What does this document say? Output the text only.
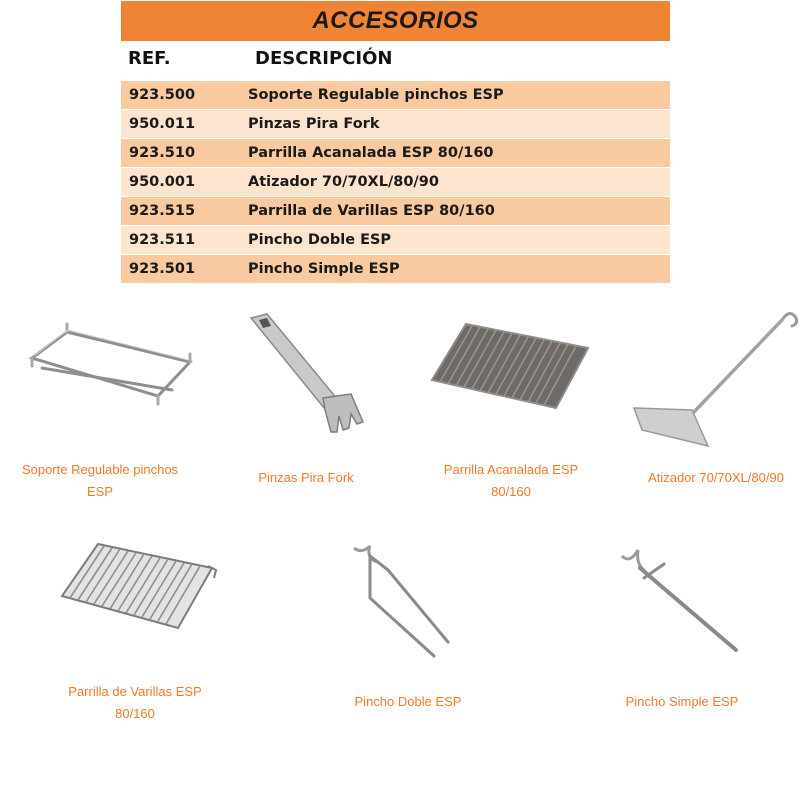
ACCESORIOS
REF.	DESCRIPCIÓN
923.500	Soporte Regulable pinchos ESP
950.011	Pinzas Pira Fork
923.510	Parrilla Acanalada ESP 80/160
950.001	Atizador 70/70XL/80/90
923.515	Parrilla de Varillas ESP 80/160
923.511	Pincho Doble ESP
923.501	Pincho Simple ESP
Soporte Regulable pinchos ESP
Pinzas Pira Fork
Parrilla Acanalada ESP 80/160
Atizador 70/70XL/80/90
Parrilla de Varillas ESP 80/160
Pincho Doble ESP	Pincho Simple ESP
